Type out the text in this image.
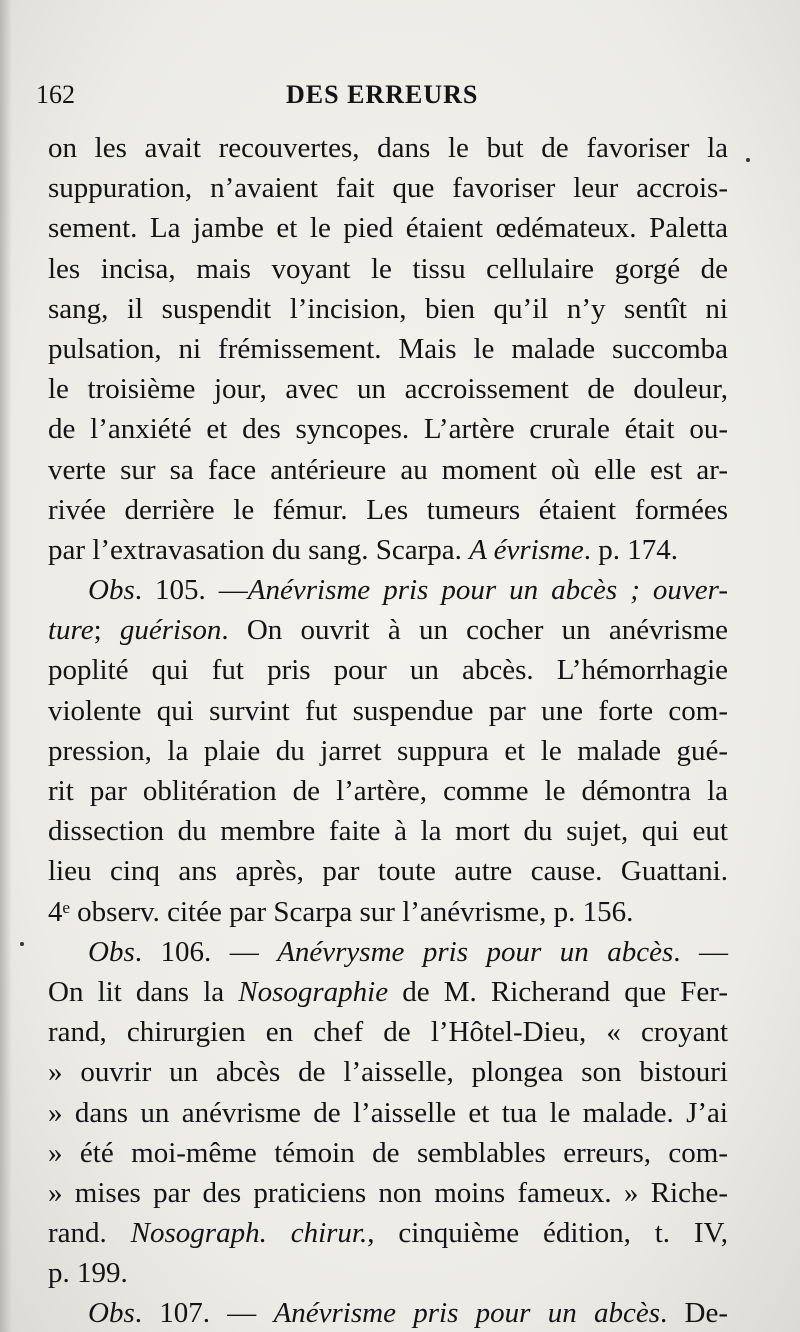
162	DES ERREURS
on les avait recouvertes, dans le but de favoriser la
suppuration, n’avaient fait que favoriser leur accrois-
sement. La jambe et le pied étaient œdémateux. Paletta
les incisa, mais voyant le tissu cellulaire gorgé de
sang, il suspendit l’incision, bien qu’il n’y sentît ni
pulsation, ni frémissement. Mais le malade succomba
le troisième jour, avec un accroissement de douleur,
de l’anxiété et des syncopes. L’artère crurale était ou-
verte sur sa face antérieure au moment où elle est ar-
rivée derrière le fémur. Les tumeurs étaient formées
par l’extravasation du sang. Scarpa. A évrisme. p. 174.
Obs. 105. —Anévrisme pris pour un abcès ; ouver-
ture; guérison. On ouvrit à un cocher un anévrisme
poplité qui fut pris pour un abcès. L’hémorrhagie
violente qui survint fut suspendue par une forte com-
pression, la plaie du jarret suppura et le malade gué-
rit par oblitération de l’artère, comme le démontra la
dissection du membre faite à la mort du sujet, qui eut
lieu cinq ans après, par toute autre cause. Guattani.
4ᵉ observ. citée par Scarpa sur l’anévrisme, p. 156.
Obs. 106. — Anévrysme pris pour un abcès. —
On lit dans la Nosographie de M. Richerand que Fer-
rand, chirurgien en chef de l’Hôtel-Dieu, « croyant
» ouvrir un abcès de l’aisselle, plongea son bistouri
» dans un anévrisme de l’aisselle et tua le malade. J’ai
» été moi-même témoin de semblables erreurs, com-
» mises par des praticiens non moins fameux. » Riche-
rand. Nosograph. chirur., cinquième édition, t. IV,
p. 199.
Obs. 107. — Anévrisme pris pour un abcès. De-
